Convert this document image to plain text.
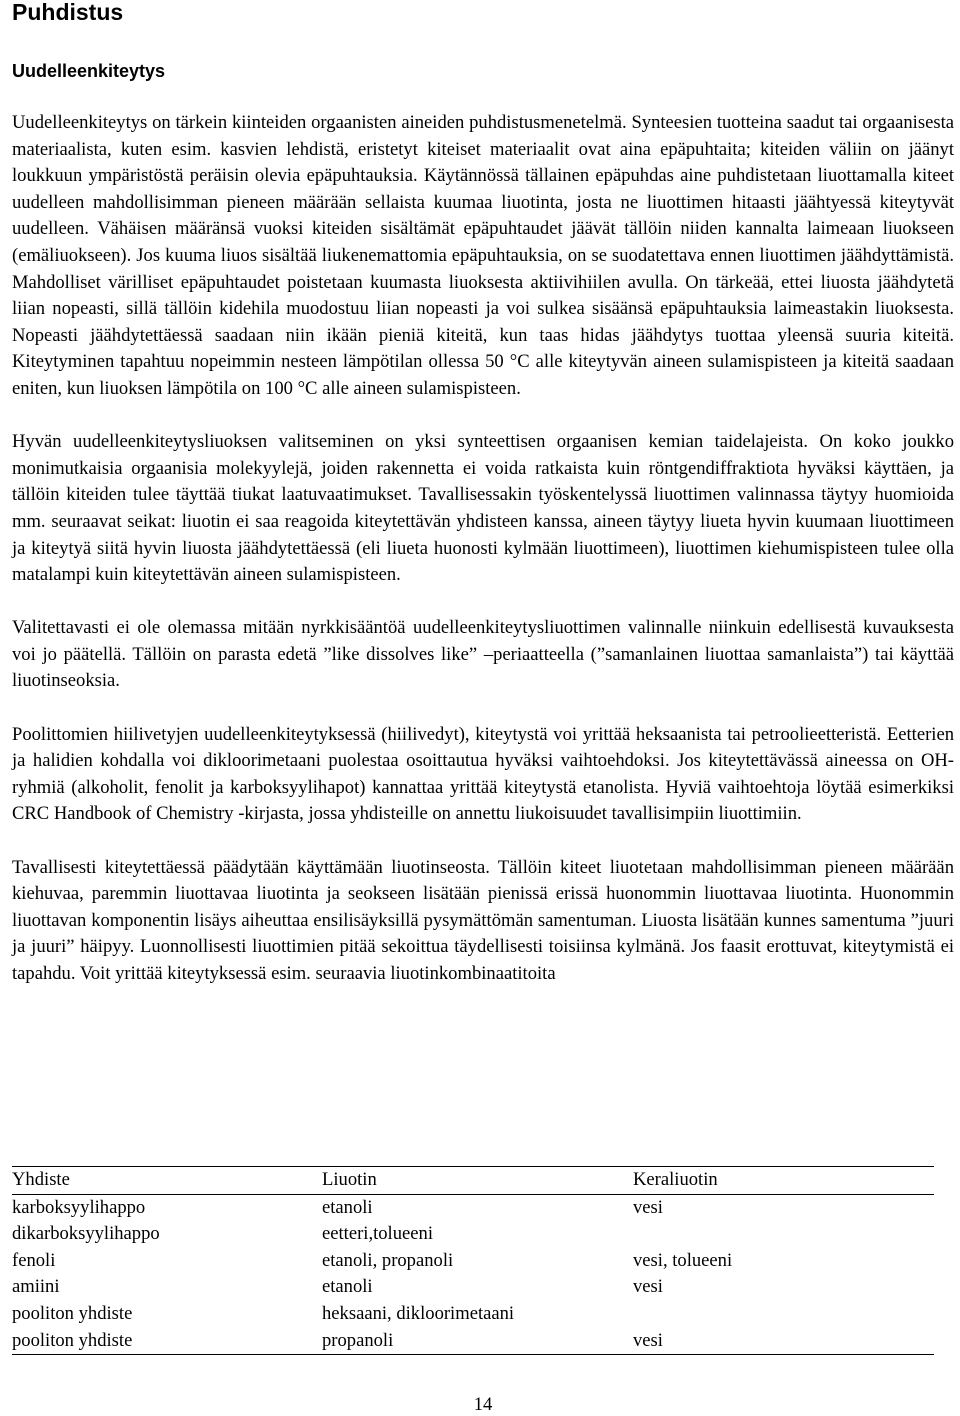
Puhdistus
Uudelleenkiteytys

Uudelleenkiteytys on tärkein kiinteiden orgaanisten aineiden puhdistusmenetelmä. Synteesien tuotteina saadut tai orgaanisesta materiaalista, kuten esim. kasvien lehdistä, eristetyt kiteiset materiaalit ovat aina epäpuhtaita; kiteiden väliin on jäänyt loukkuun ympäristöstä peräisin olevia epäpuhtauksia. Käytännössä tällainen epäpuhdas aine puhdistetaan liuottamalla kiteet uudelleen mahdollisimman pieneen määrään sellaista kuumaa liuotinta, josta ne liuottimen hitaasti jäähtyessä kiteytyvät uudelleen. Vähäisen määränsä vuoksi kiteiden sisältämät epäpuhtaudet jäävät tällöin niiden kannalta laimeaan liuokseen (emäliuokseen). Jos kuuma liuos sisältää liukenemattomia epäpuhtauksia, on se suodatettava ennen liuottimen jäähdyttämistä. Mahdolliset värilliset epäpuhtaudet poistetaan kuumasta liuoksesta aktiivihiilen avulla. On tärkeää, ettei liuosta jäähdytetä liian nopeasti, sillä tällöin kidehila muodostuu liian nopeasti ja voi sulkea sisäänsä epäpuhtauksia laimeastakin liuoksesta. Nopeasti jäähdytettäessä saadaan niin ikään pieniä kiteitä, kun taas hidas jäähdytys tuottaa yleensä suuria kiteitä. Kiteytyminen tapahtuu nopeimmin nesteen lämpötilan ollessa 50 °C alle kiteytyvän aineen sulamispisteen ja kiteitä saadaan eniten, kun liuoksen lämpötila on 100 °C alle aineen sulamispisteen.

Hyvän uudelleenkiteytysliuoksen valitseminen on yksi synteettisen orgaanisen kemian taidelajeista. On koko joukko monimutkaisia orgaanisia molekyylejä, joiden rakennetta ei voida ratkaista kuin röntgendiffraktiota hyväksi käyttäen, ja tällöin kiteiden tulee täyttää tiukat laatuvaatimukset. Tavallisessakin työskentelyssä liuottimen valinnassa täytyy huomioida mm. seuraavat seikat: liuotin ei saa reagoida kiteytettävän yhdisteen kanssa, aineen täytyy liueta hyvin kuumaan liuottimeen ja kiteytyä siitä hyvin liuosta jäähdytettäessä (eli liueta huonosti kylmään liuottimeen), liuottimen kiehumispisteen tulee olla matalampi kuin kiteytettävän aineen sulamispisteen.

Valitettavasti ei ole olemassa mitään nyrkkisääntöä uudelleenkiteytysliuottimen valinnalle niinkuin edellisestä kuvauksesta voi jo päätellä. Tällöin on parasta edetä ”like dissolves like” –periaatteella (”samanlainen liuottaa samanlaista”) tai käyttää liuotinseoksia.

Poolittomien hiilivetyjen uudelleenkiteytyksessä (hiilivedyt), kiteytystä voi yrittää heksaanista tai petroolieetteristä. Eetterien ja halidien kohdalla voi dikloorimetaani puolestaa osoittautua hyväksi vaihtoehdoksi. Jos kiteytettävässä aineessa on OH-ryhmiä (alkoholit, fenolit ja karboksyylihapot) kannattaa yrittää kiteytystä etanolista. Hyviä vaihtoehtoja löytää esimerkiksi CRC Handbook of Chemistry -kirjasta, jossa yhdisteille on annettu liukoisuudet tavallisimpiin liuottimiin.

Tavallisesti kiteytettäessä päädytään käyttämään liuotinseosta. Tällöin kiteet liuotetaan mahdollisimman pieneen määrään kiehuvaa, paremmin liuottavaa liuotinta ja seokseen lisätään pienissä erissä huonommin liuottavaa liuotinta. Huonommin liuottavan komponentin lisäys aiheuttaa ensilisäyksillä pysymättömän samentuman. Liuosta lisätään kunnes samentuma ”juuri ja juuri” häipyy. Luonnollisesti liuottimien pitää sekoittua täydellisesti toisiinsa kylmänä. Jos faasit erottuvat, kiteytymistä ei tapahdu. Voit yrittää kiteytyksessä esim. seuraavia liuotinkombinaatitoita

Yhdiste	Liuotin	Keraliuotin
karboksyylihappo	etanoli	vesi
dikarboksyylihappo	eetteri,tolueeni	
fenoli	etanoli, propanoli	vesi, tolueeni
amiini	etanoli	vesi
pooliton yhdiste	heksaani, dikloorimetaani	
pooliton yhdiste	propanoli	vesi
14
